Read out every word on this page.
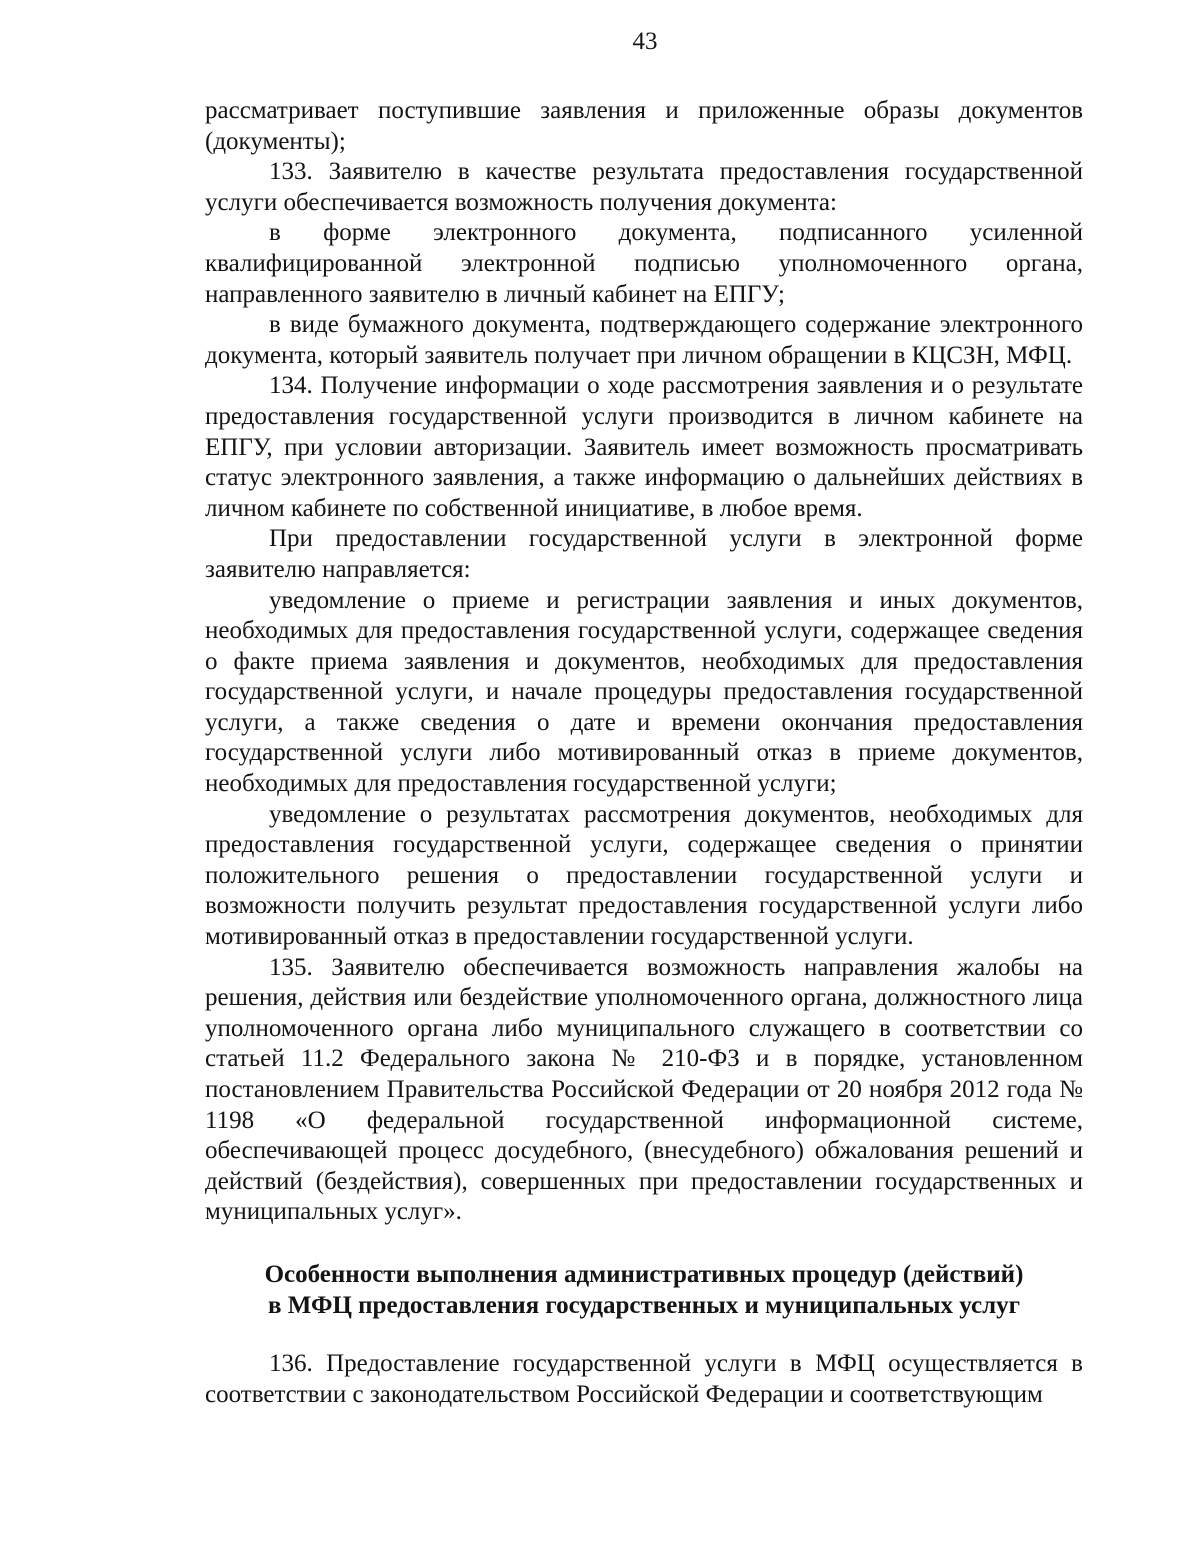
43

рассматривает поступившие заявления и приложенные образы документов (документы);

133. Заявителю в качестве результата предоставления государственной услуги обеспечивается возможность получения документа:

в форме электронного документа, подписанного усиленной квалифицированной электронной подписью уполномоченного органа, направленного заявителю в личный кабинет на ЕПГУ;

в виде бумажного документа, подтверждающего содержание электронного документа, который заявитель получает при личном обращении в КЦСЗН, МФЦ.

134. Получение информации о ходе рассмотрения заявления и о результате предоставления государственной услуги производится в личном кабинете на ЕПГУ, при условии авторизации. Заявитель имеет возможность просматривать статус электронного заявления, а также информацию о дальнейших действиях в личном кабинете по собственной инициативе, в любое время.

При предоставлении государственной услуги в электронной форме заявителю направляется:

уведомление о приеме и регистрации заявления и иных документов, необходимых для предоставления государственной услуги, содержащее сведения о факте приема заявления и документов, необходимых для предоставления государственной услуги, и начале процедуры предоставления государственной услуги, а также сведения о дате и времени окончания предоставления государственной услуги либо мотивированный отказ в приеме документов, необходимых для предоставления государственной услуги;

уведомление о результатах рассмотрения документов, необходимых для предоставления государственной услуги, содержащее сведения о принятии положительного решения о предоставлении государственной услуги и возможности получить результат предоставления государственной услуги либо мотивированный отказ в предоставлении государственной услуги.

135. Заявителю обеспечивается возможность направления жалобы на решения, действия или бездействие уполномоченного органа, должностного лица уполномоченного органа либо муниципального служащего в соответствии со статьей 11.2 Федерального закона № 210-ФЗ и в порядке, установленном постановлением Правительства Российской Федерации от 20 ноября 2012 года № 1198 «О федеральной государственной информационной системе, обеспечивающей процесс досудебного, (внесудебного) обжалования решений и действий (бездействия), совершенных при предоставлении государственных и муниципальных услуг».

Особенности выполнения административных процедур (действий)
в МФЦ предоставления государственных и муниципальных услуг

136. Предоставление государственной услуги в МФЦ осуществляется в соответствии с законодательством Российской Федерации и соответствующим
